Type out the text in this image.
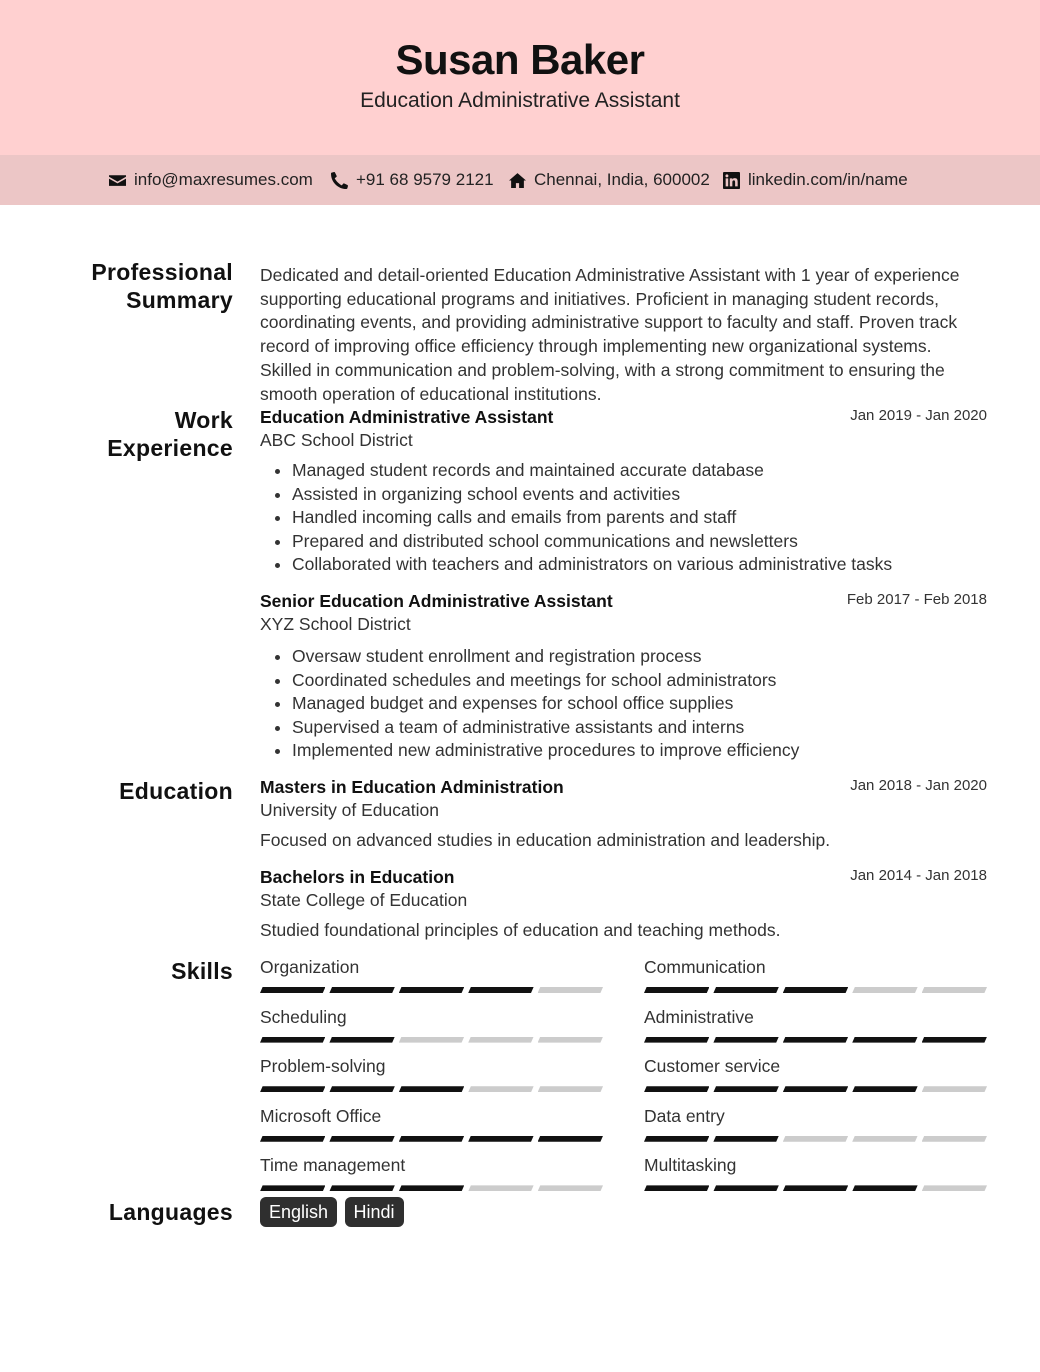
Susan Baker
Education Administrative Assistant
info@maxresumes.com	+91 68 9579 2121 Chennai, India, 600002 linkedin.com/in/name
Professional
Summary
Dedicated and detail-oriented Education Administrative Assistant with 1 year of experience supporting educational programs and initiatives. Proficient in managing student records, coordinating events, and providing administrative support to faculty and staff. Proven track record of improving office efficiency through implementing new organizational systems. Skilled in communication and problem-solving, with a strong commitment to ensuring the smooth operation of educational institutions.
Work
Experience
Education Administrative Assistant	Jan 2019 - Jan 2020
ABC School District
• Managed student records and maintained accurate database
• Assisted in organizing school events and activities
• Handled incoming calls and emails from parents and staff
• Prepared and distributed school communications and newsletters
• Collaborated with teachers and administrators on various administrative tasks
Senior Education Administrative Assistant	Feb 2017 - Feb 2018
XYZ School District
• Oversaw student enrollment and registration process
• Coordinated schedules and meetings for school administrators
• Managed budget and expenses for school office supplies
• Supervised a team of administrative assistants and interns
• Implemented new administrative procedures to improve efficiency
Education Masters in Education Administration	Jan 2018 - Jan 2020
University of Education
Focused on advanced studies in education administration and leadership.
Bachelors in Education	Jan 2014 - Jan 2018
State College of Education
Studied foundational principles of education and teaching methods.
Skills Organization	Communication
Scheduling	Administrative
Problem-solving	Customer service
Microsoft Office	Data entry
Time management	Multitasking
Languages	English Hindi
